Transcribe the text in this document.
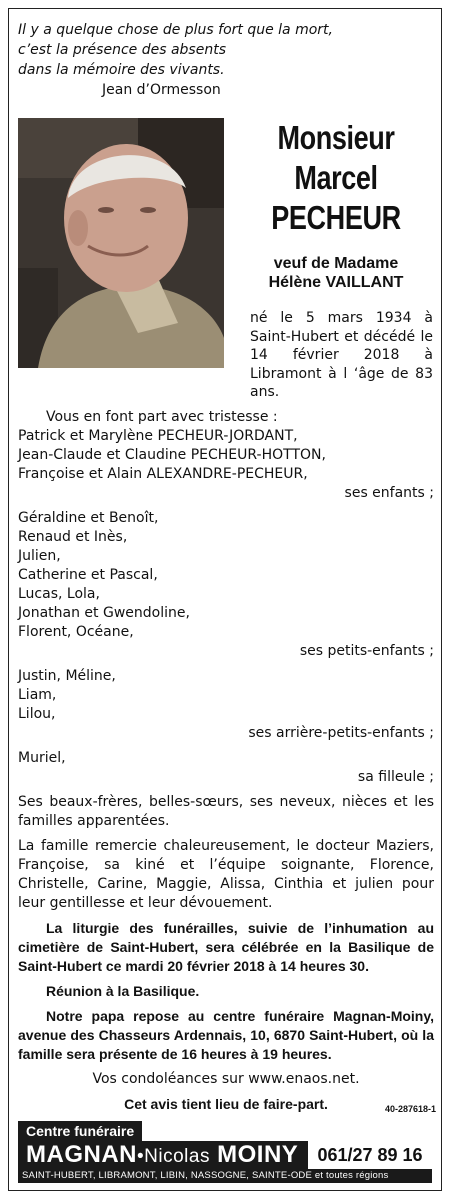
Il y a quelque chose de plus fort que la mort,
c’est la présence des absents
dans la mémoire des vivants.
Jean d’Ormesson
Monsieur
Marcel
PECHEUR
veuf de Madame
Hélène VAILLANT
né le 5 mars 1934 à Saint-Hubert et décédé le 14 février 2018 à Libramont à l ‘âge de 83 ans.

Vous en font part avec tristesse :

Patrick et Marylène PECHEUR-JORDANT,

Jean-Claude et Claudine PECHEUR-HOTTON,

Françoise et Alain ALEXANDRE-PECHEUR,

ses enfants ;

Géraldine et Benoît,

Renaud et Inès,

Julien,

Catherine et Pascal,

Lucas, Lola,

Jonathan et Gwendoline,

Florent, Océane,

ses petits-enfants ;

Justin, Méline,

Liam,

Lilou,

ses arrière-petits-enfants ;

Muriel,

sa filleule ;

Ses beaux-frères, belles-sœurs, ses neveux, nièces et les familles apparentées.

La famille remercie chaleureusement, le docteur Maziers, Françoise, sa kiné et l’équipe soignante, Florence, Christelle, Carine, Maggie, Alissa, Cinthia et julien pour leur gentillesse et leur dévouement.

La liturgie des funérailles, suivie de l’inhumation au cimetière de Saint-Hubert, sera célébrée en la Basilique de Saint-Hubert ce mardi 20 février 2018 à 14 heures 30.

Réunion à la Basilique.

Notre papa repose au centre funéraire Magnan-Moiny, avenue des Chasseurs Ardennais, 10, 6870 Saint-Hubert, où la famille sera présente de 16 heures à 19 heures.

Vos condoléances sur www.enaos.net.

Cet avis tient lieu de faire-part.	40-287618-1
Centre funéraire
MAGNAN•Nicolas MOINY	061/27 89 16
SAINT-HUBERT, LIBRAMONT, LIBIN, NASSOGNE, SAINTE-ODE et toutes régions
